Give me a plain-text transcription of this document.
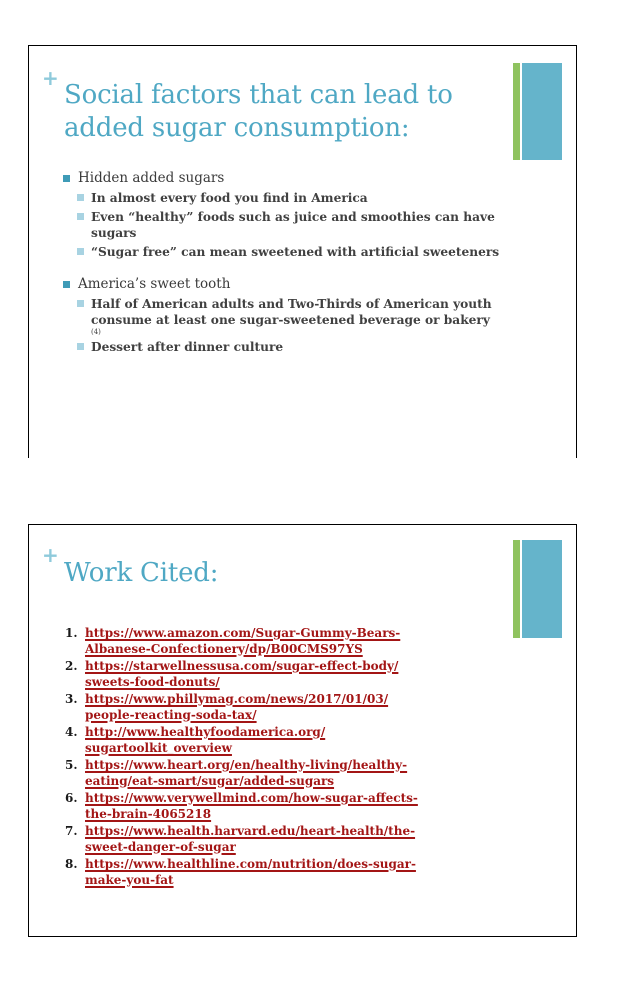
+
Social factors that can lead to
added sugar consumption:
Hidden added sugars
In almost every food you find in America
Even “healthy” foods such as juice and smoothies can have sugars
“Sugar free” can mean sweetened with artificial sweeteners
America’s sweet tooth
Half of American adults and Two-Thirds of American youth consume at least one sugar-sweetened beverage or bakery
(4)
Dessert after dinner culture
+
Work Cited:
1. https://www.amazon.com/Sugar-Gummy-Bears-
Albanese-Confectionery/dp/B00CMS97YS
2. https://starwellnessusa.com/sugar-effect-body/
sweets-food-donuts/
3. https://www.phillymag.com/news/2017/01/03/
people-reacting-soda-tax/
4. http://www.healthyfoodamerica.org/
sugartoolkit_overview
5. https://www.heart.org/en/healthy-living/healthy-
eating/eat-smart/sugar/added-sugars
6. https://www.verywellmind.com/how-sugar-affects-
the-brain-4065218
7. https://www.health.harvard.edu/heart-health/the-
sweet-danger-of-sugar
8. https://www.healthline.com/nutrition/does-sugar-
make-you-fat
